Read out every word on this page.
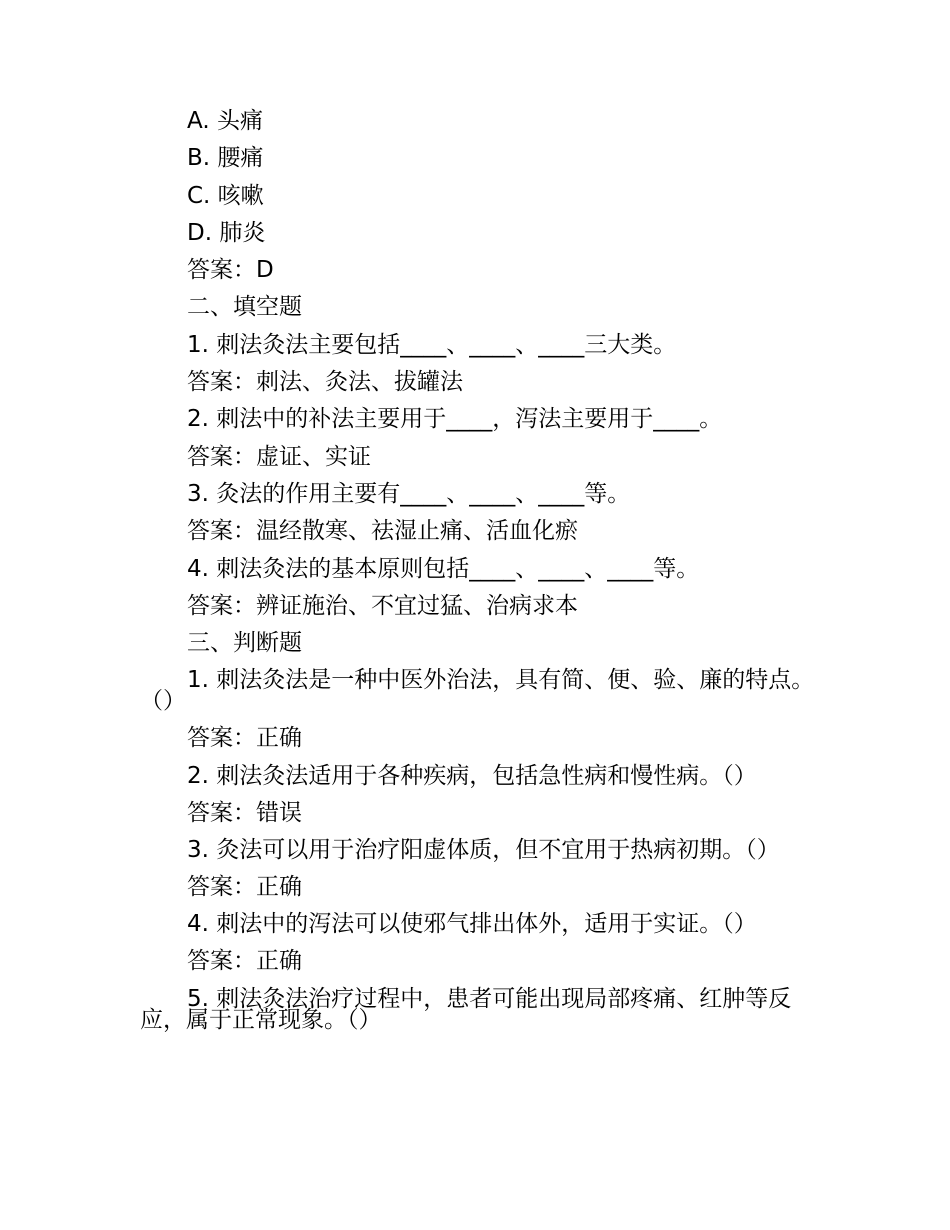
A. 头痛

B. 腰痛

C. 咳嗽

D. 肺炎

答案：D

二、填空题

1. 刺法灸法主要包括____、____、____三大类。

答案：刺法、灸法、拔罐法

2. 刺法中的补法主要用于____，泻法主要用于____。

答案：虚证、实证

3. 灸法的作用主要有____、____、____等。

答案：温经散寒、祛湿止痛、活血化瘀

4. 刺法灸法的基本原则包括____、____、____等。

答案：辨证施治、不宜过猛、治病求本

三、判断题

1. 刺法灸法是一种中医外治法，具有简、便、验、廉的特点。（）

答案：正确

2. 刺法灸法适用于各种疾病，包括急性病和慢性病。（）

答案：错误

3. 灸法可以用于治疗阳虚体质，但不宜用于热病初期。（）

答案：正确

4. 刺法中的泻法可以使邪气排出体外，适用于实证。（）

答案：正确

5. 刺法灸法治疗过程中，患者可能出现局部疼痛、红肿等反应，属于正常现象。（）
